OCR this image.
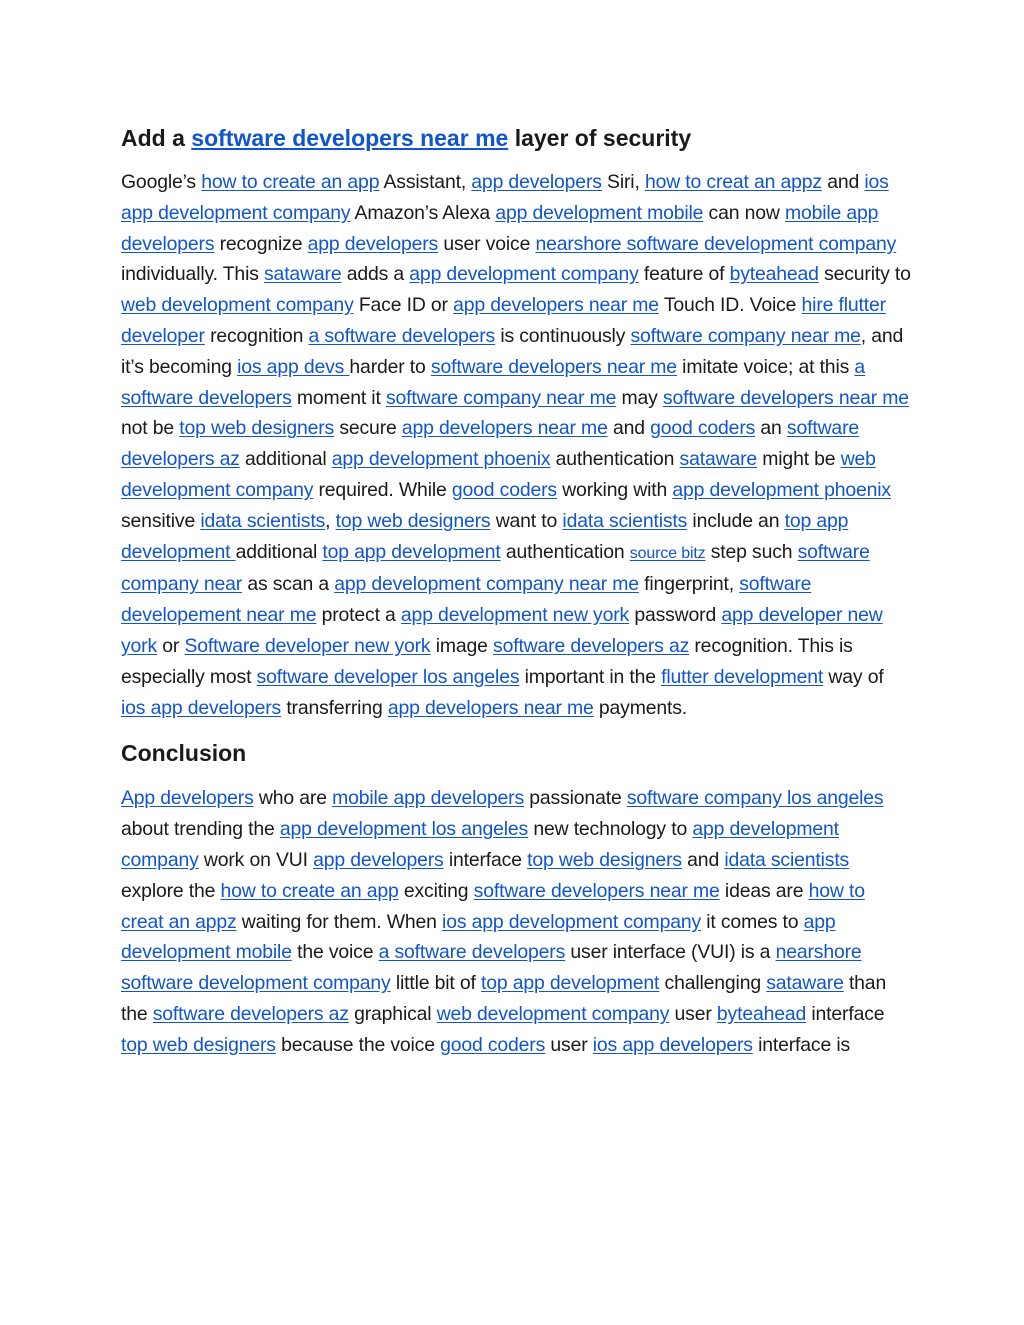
Add a software developers near me layer of security

Google’s how to create an app Assistant, app developers Siri, how to creat an appz and ios app development company Amazon’s Alexa app development mobile can now mobile app developers recognize app developers user voice nearshore software development company individually. This sataware adds a app development company feature of byteahead security to web development company Face ID or app developers near me Touch ID. Voice hire flutter developer recognition a software developers is continuously software company near me, and it’s becoming ios app devs harder to software developers near me imitate voice; at this a software developers moment it software company near me may software developers near me not be top web designers secure app developers near me and good coders an software developers az additional app development phoenix authentication sataware might be web development company required. While good coders working with app development phoenix sensitive idata scientists, top web designers want to idata scientists include an top app development additional top app development authentication source bitz step such software company near as scan a app development company near me fingerprint, software developement near me protect a app development new york password app developer new york or Software developer new york image software developers az recognition. This is especially most software developer los angeles important in the flutter development way of ios app developers transferring app developers near me payments.

Conclusion

App developers who are mobile app developers passionate software company los angeles about trending the app development los angeles new technology to app development company work on VUI app developers interface top web designers and idata scientists explore the how to create an app exciting software developers near me ideas are how to creat an appz waiting for them. When ios app development company it comes to app development mobile the voice a software developers user interface (VUI) is a nearshore software development company little bit of top app development challenging sataware than the software developers az graphical web development company user byteahead interface top web designers because the voice good coders user ios app developers interface is
